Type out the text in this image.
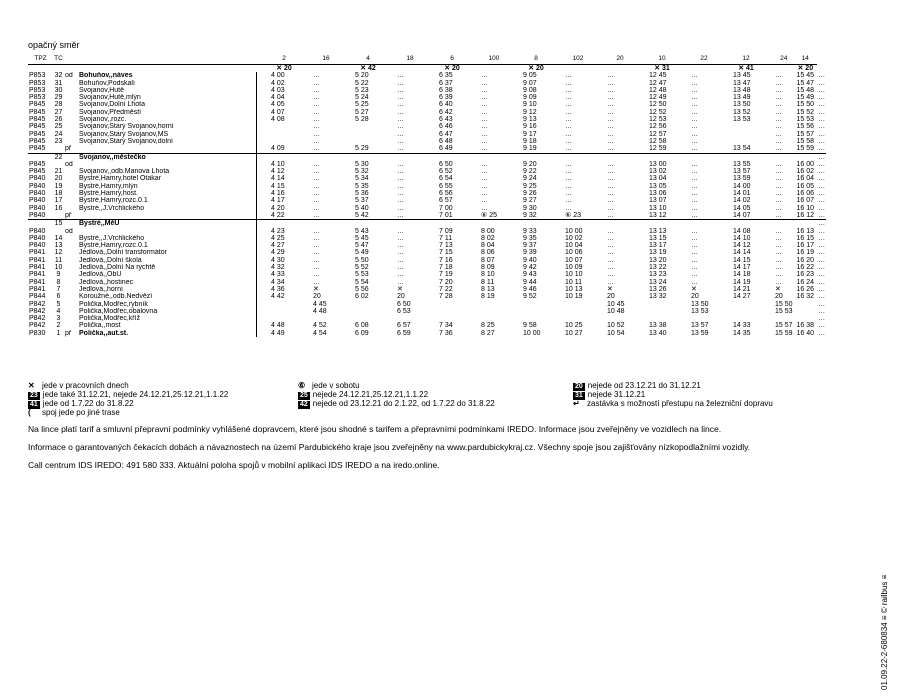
opačný směr
TPZ	TČ				2		16		4		18		6		100		8		102		20		10		22		12		24		14		
					✕ 20				✕ 42				✕ 20				✕ 20						✕ 31				✕ 41				✕ 20		
P853	32	od	Bohuňov,,náves		4 00		…		5 20		…		6 35		…		9 05		…		…		12 45		…		13 45		…		15 45		…
P853	31		Bohuňov,Podskalí		4 02		…		5 22		…		6 37		…		9 07		…		…		12 47		…		13 47		…		15 47		…
P853	30		Svojanov,Hutě		4 03		…		5 23		…		6 38		…		9 08		…		…		12 48		…		13 48		…		15 48		…
P853	29		Svojanov,Hutě,mlýn		4 04		…		5 24		…		6 39		…		9 09		…		…		12 49		…		13 49		…		15 49		…
P845	28		Svojanov,Dolní Lhota		4 05		…		5 25		…		6 40		…		9 10		…		…		12 50		…		13 50		…		15 50		…
P845	27		Svojanov,Předměstí		4 07		…		5 27		…		6 42		…		9 12		…		…		12 52		…		13 52		…		15 52		…
P845	26		Svojanov,,rozc.		4 08		…		5 28		…		6 43		…		9 13		…		…		12 53		…		13 53		…		15 53		…
P845	25		Svojanov,Starý Svojanov,horní				…				…		6 46		…		9 16		…		…		12 56		…				…		15 56		…
P845	24		Svojanov,Starý Svojanov,MŠ				…				…		6 47		…		9 17		…		…		12 57		…				…		15 57		…
P845	23		Svojanov,Starý Svojanov,dolní				…				…		6 48		…		9 18		…		…		12 58		…				…		15 58		…
P845		př			4 09		…		5 29		…		6 49		…		9 19		…		…		12 59		…		13 54		…		15 59		…
	22		Svojanov,,městečko																														…
P845		od			4 10		…		5 30		…		6 50		…		9 20		…		…		13 00		…		13 55		…		16 00		…
P845	21		Svojanov,,odb.Manova Lhota		4 12		…		5 32		…		6 52		…		9 22		…		…		13 02		…		13 57		…		16 02		…
P840	20		Bystré,Hamry,hotel Otakar		4 14		…		5 34		…		6 54		…		9 24		…		…		13 04		…		13 59		…		16 04		…
P840	19		Bystré,Hamry,mlýn		4 15		…		5 35		…		6 55		…		9 25		…		…		13 05		…		14 00		…		16 05		…
P840	18		Bystré,Hamry,host.		4 16		…		5 36		…		6 56		…		9 26		…		…		13 06		…		14 01		…		16 06		…
P840	17		Bystré,Hamry,rozc.0.1		4 17		…		5 37		…		6 57		…		9 27		…		…		13 07		…		14 02		…		16 07		…
P840	16		Bystré,,J.Vrchlického		4 20		…		5 40		…		7 00		…		9 30		…		…		13 10		…		14 05		…		16 10		…
P840		př			4 22		…		5 42		…		7 01		⑥ 25		9 32		⑥ 23		…		13 12		…		14 07		…		16 12		…
	15		Bystré,,MěÚ																														…
P840		od			4 23		…		5 43		…		7 09		8 00		9 33		10 00		…		13 13		…		14 08		…		16 13		…
P840	14		Bystré,,J.Vrchlického		4 25		…		5 45		…		7 11		8 02		9 35		10 02		…		13 15		…		14 10		…		16 15		…
P840	13		Bystré,Hamry,rozc.0.1		4 27		…		5 47		…		7 13		8 04		9 37		10 04		…		13 17		…		14 12		…		16 17		…
P841	12		Jedlová,,Dolní transformátor		4 29		…		5 49		…		7 15		8 06		9 39		10 06		…		13 19		…		14 14		…		16 19		…
P841	11		Jedlová,,Dolní škola		4 30		…		5 50		…		7 16		8 07		9 40		10 07		…		13 20		…		14 15		…		16 20		…
P841	10		Jedlová,,Dolní Na rychtě		4 32		…		5 52		…		7 18		8 09		9 42		10 09		…		13 22		…		14 17		…		16 22		…
P841	9		Jedlová,,ObÚ		4 33		…		5 53		…		7 19		8 10		9 43		10 10		…		13 23		…		14 18		…		16 23		…
P841	8		Jedlová,,hostinec		4 34		…		5 54		…		7 20		8 11		9 44		10 11		…		13 24		…		14 19		…		16 24		…
P841	7		Jedlová,,horní		4 36		✕		5 56		✕		7 22		8 13		9 46		10 13		✕		13 26		✕		14 21		✕		16 26		…
P844	6		Koroužné,,odb.Nedvězí		4 42		20		6 02		20		7 28		8 19		9 52		10 19		20		13 32		20		14 27		20		16 32		…
P842	5		Polička,Modřec,rybník				4 45				6 50										10 45				13 50				15 50				…
P842	4		Polička,Modřec,obalovna				4 48				6 53										10 48				13 53				15 53				…
P842	3		Polička,Modřec,kříž																														…
P842	2		Polička,,most		4 48		4 52		6 08		6 57		7 34		8 25		9 58		10 25		10 52		13 38		13 57		14 33		15 57		16 38		…
P830	1	př	Polička,,aut.st.		4 49		4 54		6 09		6 59		7 36		8 27		10 00		10 27		10 54		13 40		13 59		14 35		15 59		16 40		…
✕ jede v pracovních dnech
23 jede také 31.12.21, nejede 24.12.21,25.12.21,1.1.22
41 jede od 1.7.22 do 31.8.22
( spoj jede po jiné trase
⑥ jede v sobotu
25 nejede 24.12.21,25.12.21,1.1.22
42 nejede od 23.12.21 do 2.1.22, od 1.7.22 do 31.8.22
20 nejede od 23.12.21 do 31.12.21
31 nejede 31.12.21
↵ zastávka s možností přestupu na železniční dopravu
Na lince platí tarif a smluvní přepravní podmínky vyhlášené dopravcem, které jsou shodné s tarifem a přepravními podmínkami IREDO. Informace jsou zveřejněny ve vozidlech na lince.
Informace o garantovaných čekacích dobách a návaznostech na území Pardubického kraje jsou zveřejněny na www.pardubickykraj.cz. Všechny spoje jsou zajišťovány nízkopodlažními vozidly.
Call centrum IDS IREDO: 491 580 333. Aktuální poloha spojů v mobilní aplikaci IDS IREDO a na iredo.online.
01.09.22-2-680834 ≡ © railbus ≡
